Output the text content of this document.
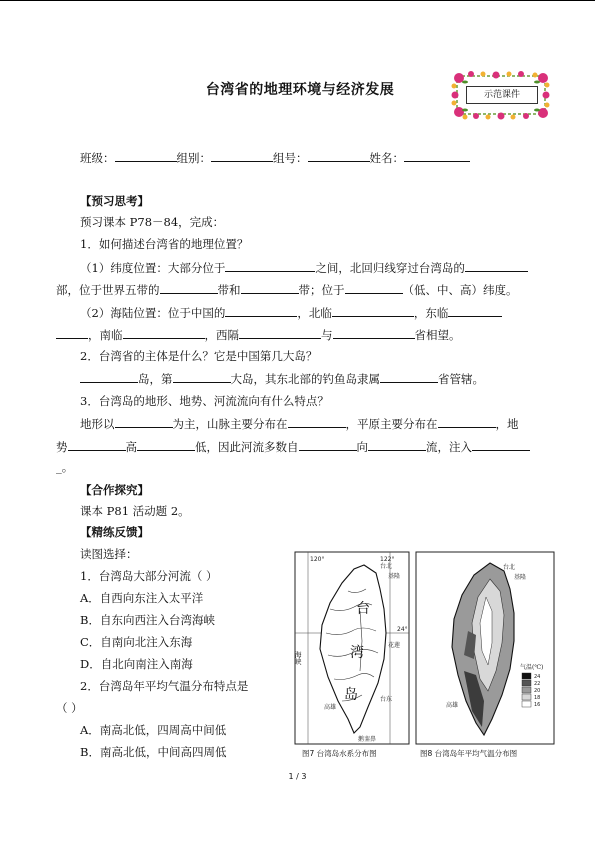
台湾省的地理环境与经济发展	示范课件
班级：	组别：	组号：	姓名：
【预习思考】
预习课本 P78－84，完成：
1．如何描述台湾省的地理位置？
（1）纬度位置：大部分位于	之间，北回归线穿过台湾岛的
部，位于世界五带的	带和	带；位于	（低、中、高）纬度。
（2）海陆位置：位于中国的	，北临	，东临
，南临	，西隔	与	省相望。
2．台湾省的主体是什么？它是中国第几大岛？
岛，第	大岛，其东北部的钓鱼岛隶属	省管辖。
3．台湾岛的地形、地势、河流流向有什么特点？
地形以	为主，山脉主要分布在	，平原主要分布在	，地
势	高	低，因此河流多数自	向	流，注入
_。
【合作探究】
课本 P81 活动题 2。
【精练反馈】
读图选择：
1．台湾岛大部分河流（ ）
A．自西向东注入太平洋
B．自东向西注入台湾海峡
C．自南向北注入东海
D．自北向南注入南海
2．台湾岛年平均气温分布特点是
（ ）
A．南高北低，四周高中间低
B．南高北低，中间高四周低
120°	122°
24°
台北
基隆
花莲
台东
高雄
鹅銮鼻
台
湾
岛
海峡
图7 台湾岛水系分布图
台北
基隆
高雄
气温(℃)
24
22
20
18
16
图8 台湾岛年平均气温分布图
1 / 3
